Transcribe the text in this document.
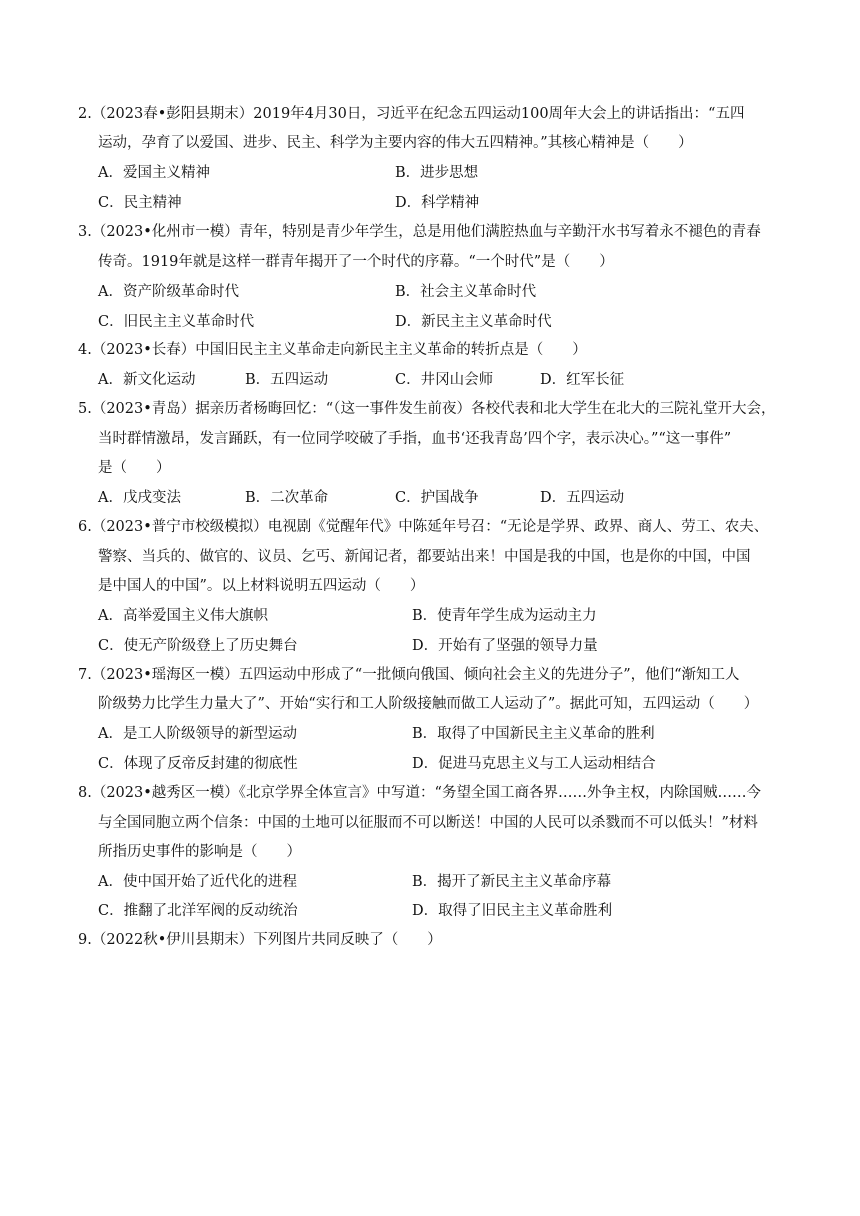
2.（2023春•彭阳县期末）2019年4月30日，习近平在纪念五四运动100周年大会上的讲话指出：“五四
运动，孕育了以爱国、进步、民主、科学为主要内容的伟大五四精神。”其核心精神是（　　）
A．爱国主义精神	B．进步思想
C．民主精神	D．科学精神
3.（2023•化州市一模）青年，特别是青少年学生，总是用他们满腔热血与辛勤汗水书写着永不褪色的青春
传奇。1919年就是这样一群青年揭开了一个时代的序幕。“一个时代”是（　　）
A．资产阶级革命时代	B．社会主义革命时代
C．旧民主主义革命时代	D．新民主主义革命时代
4.（2023•长春）中国旧民主主义革命走向新民主主义革命的转折点是（　　）
A．新文化运动	B．五四运动	C．井冈山会师	D．红军长征
5.（2023•青岛）据亲历者杨晦回忆：“（这一事件发生前夜）各校代表和北大学生在北大的三院礼堂开大会，
当时群情激昂，发言踊跃，有一位同学咬破了手指，血书‘还我青岛’四个字，表示决心。”“这一事件”
是（　　）
A．戊戌变法	B．二次革命	C．护国战争	D．五四运动
6.（2023•普宁市校级模拟）电视剧《觉醒年代》中陈延年号召：“无论是学界、政界、商人、劳工、农夫、
警察、当兵的、做官的、议员、乞丐、新闻记者，都要站出来！中国是我的中国，也是你的中国，中国
是中国人的中国”。以上材料说明五四运动（　　）
A．高举爱国主义伟大旗帜	B．使青年学生成为运动主力
C．使无产阶级登上了历史舞台	D．开始有了坚强的领导力量
7.（2023•瑶海区一模）五四运动中形成了“一批倾向俄国、倾向社会主义的先进分子”，他们“渐知工人
阶级势力比学生力量大了”、开始“实行和工人阶级接触而做工人运动了”。据此可知，五四运动（　　）
A．是工人阶级领导的新型运动	B．取得了中国新民主主义革命的胜利
C．体现了反帝反封建的彻底性	D．促进马克思主义与工人运动相结合
8.（2023•越秀区一模）《北京学界全体宣言》中写道：“务望全国工商各界……外争主权，内除国贼……今
与全国同胞立两个信条：中国的土地可以征服而不可以断送！中国的人民可以杀戮而不可以低头！”材料
所指历史事件的影响是（　　）
A．使中国开始了近代化的进程	B．揭开了新民主主义革命序幕
C．推翻了北洋军阀的反动统治	D．取得了旧民主主义革命胜利
9.（2022秋•伊川县期末）下列图片共同反映了（　　）
